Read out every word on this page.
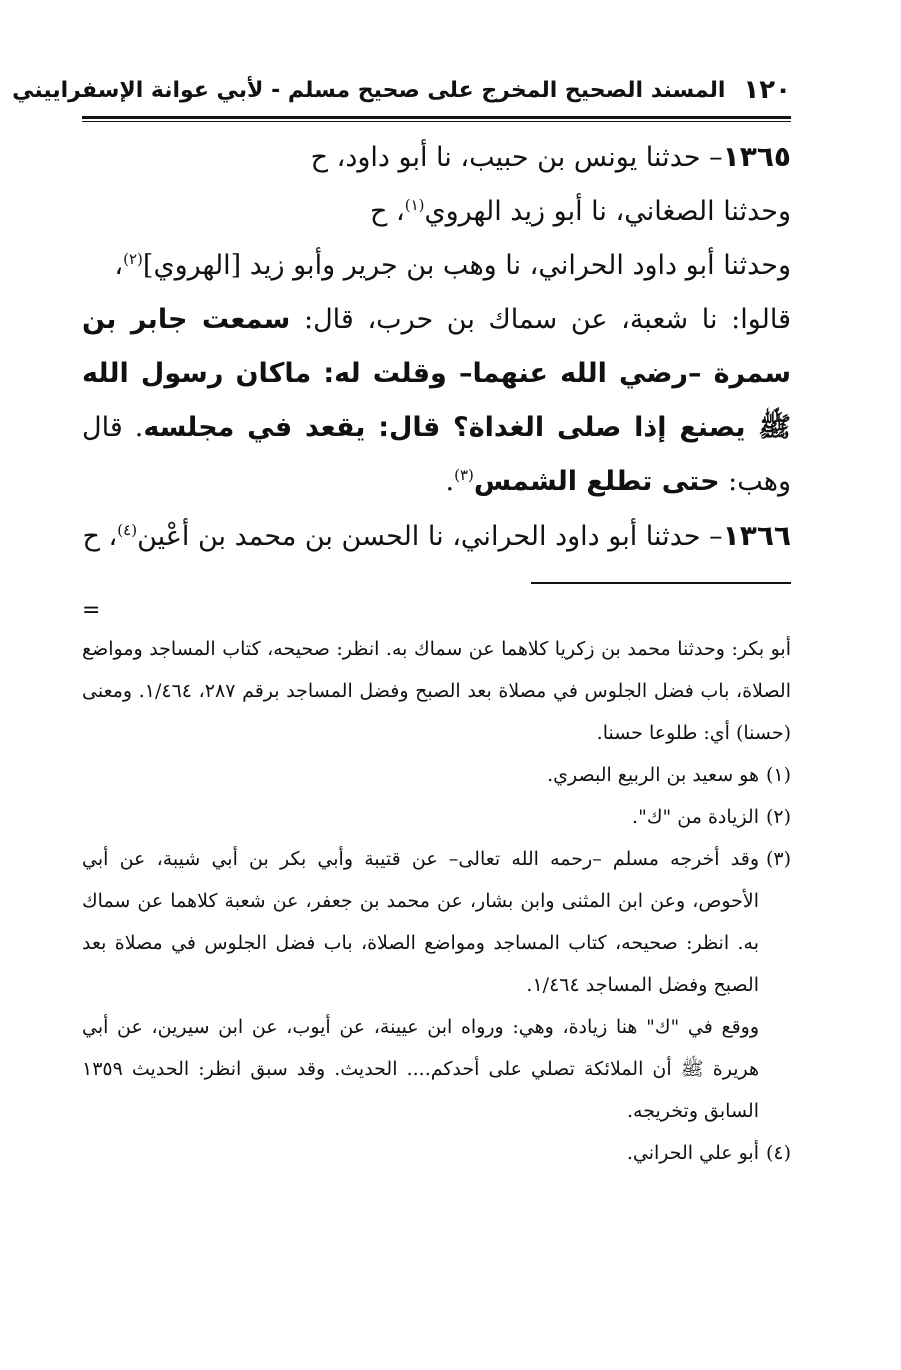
١٢٠
المسند الصحيح المخرج على صحيح مسلم - لأبي عوانة الإسفراييني

١٣٦٥– حدثنا يونس بن حبيب، نا أبو داود، ح

وحدثنا الصغاني، نا أبو زيد الهروي$^{(١)}$، ح

وحدثنا أبو داود الحراني، نا وهب بن جرير وأبو زيد [الهروي]$^{(٢)}$،

قالوا: نا شعبة، عن سماك بن حرب، قال: سمعت جابر بن سمرة –رضي الله عنهما– وقلت له: ماكان رسول الله ﷺ يصنع إذا صلى الغداة؟ قال: يقعد في مجلسه. قال وهب: حتى تطلع الشمس$^{(٣)}$.

١٣٦٦– حدثنا أبو داود الحراني، نا الحسن بن محمد بن أعْين$^{(٤)}$، ح

=

أبو بكر: وحدثنا محمد بن زكريا كلاهما عن سماك به. انظر: صحيحه، كتاب المساجد ومواضع الصلاة، باب فضل الجلوس في مصلاة بعد الصبح وفضل المساجد برقم ٢٨٧، ١/٤٦٤. ومعنى (حسنا) أي: طلوعا حسنا.

(١)
هو سعيد بن الربيع البصري.

(٢)
الزيادة من "ك".

(٣)
وقد أخرجه مسلم –رحمه الله تعالى– عن قتيبة وأبي بكر بن أبي شيبة، عن أبي الأحوص، وعن ابن المثنى وابن بشار، عن محمد بن جعفر، عن شعبة كلاهما عن سماك به. انظر: صحيحه، كتاب المساجد ومواضع الصلاة، باب فضل الجلوس في مصلاة بعد الصبح وفضل المساجد ١/٤٦٤.

ووقع في "ك" هنا زيادة، وهي: ورواه ابن عيينة، عن أيوب، عن ابن سيرين، عن أبي هريرة ﷺ أن الملائكة تصلي على أحدكم.... الحديث. وقد سبق انظر: الحديث ١٣٥٩ السابق وتخريجه.

(٤)
أبو علي الحراني.
